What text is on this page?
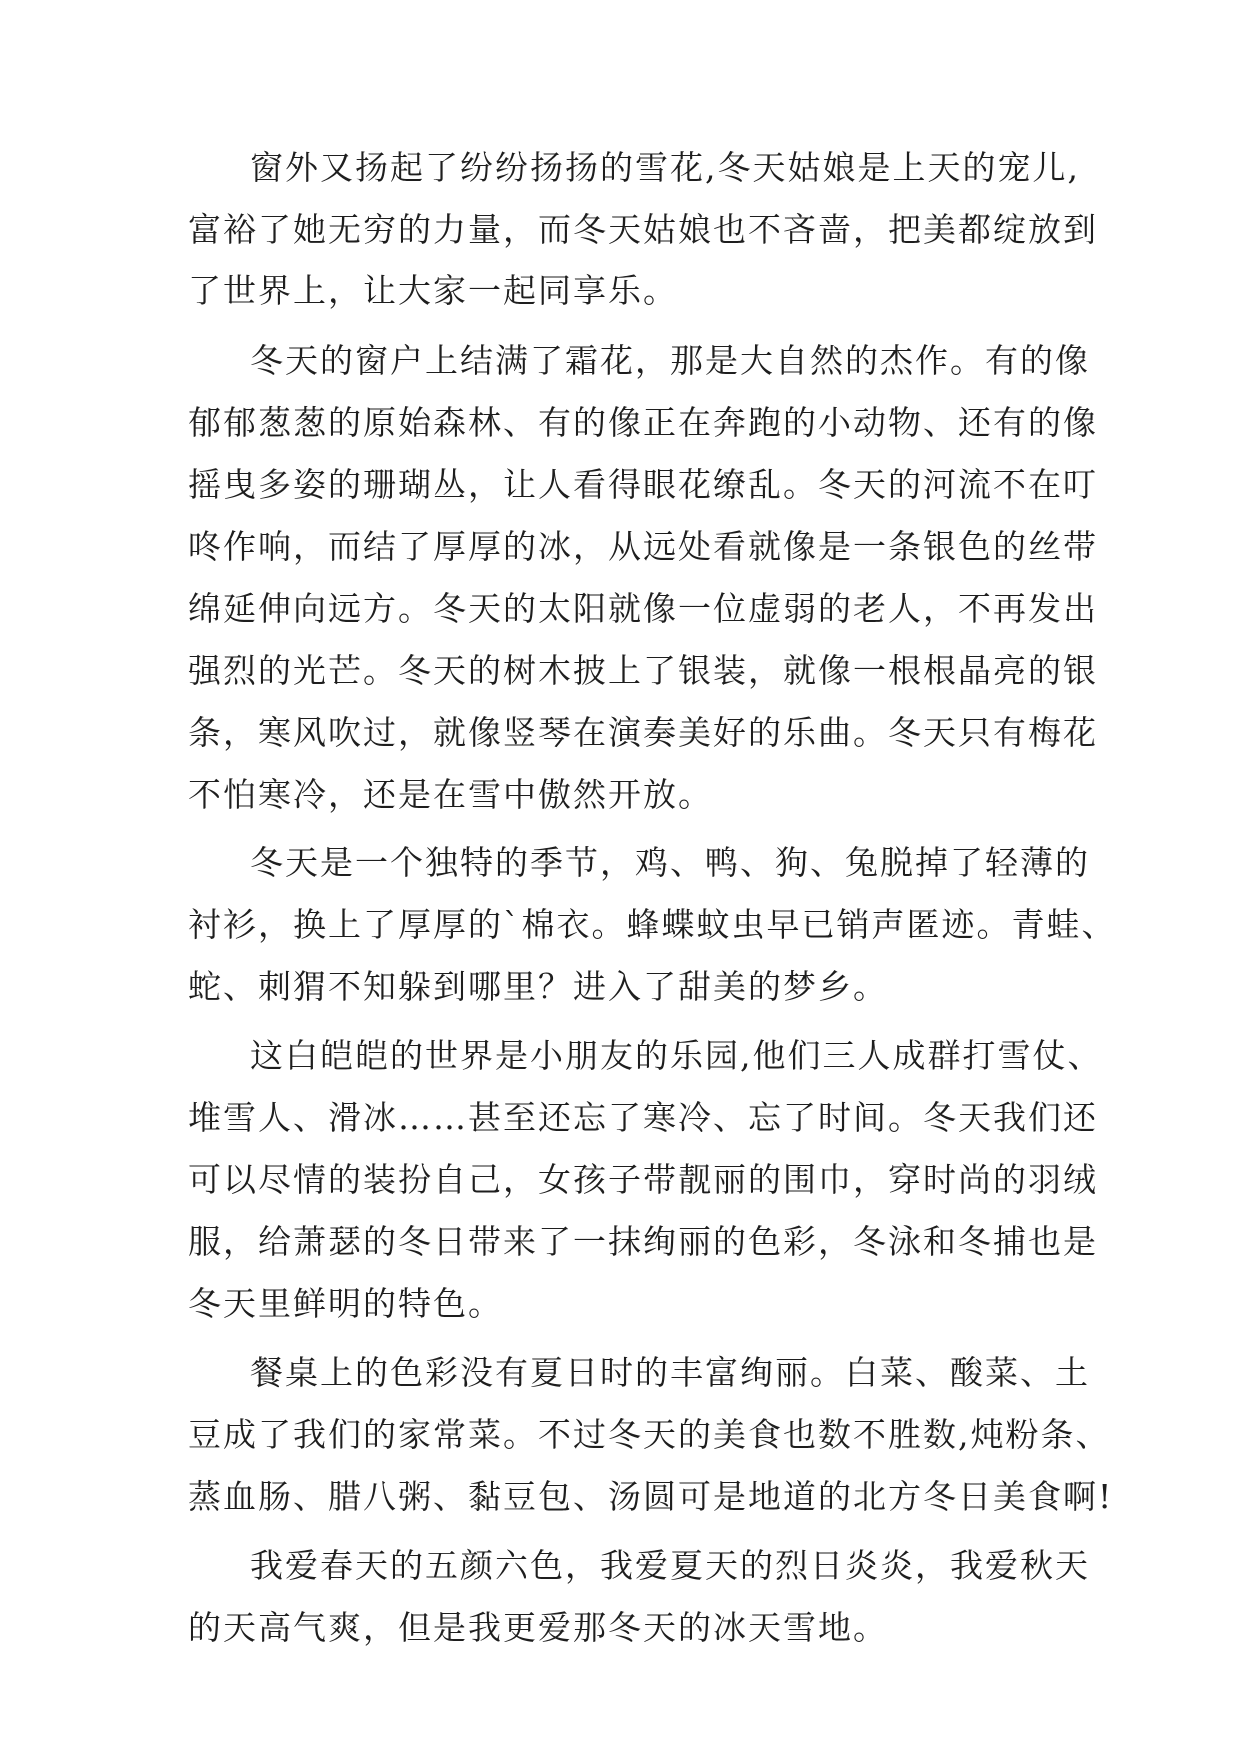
窗外又扬起了纷纷扬扬的雪花,冬天姑娘是上天的宠儿,

富裕了她无穷的力量，而冬天姑娘也不吝啬，把美都绽放到

了世界上，让大家一起同享乐。

冬天的窗户上结满了霜花，那是大自然的杰作。有的像

郁郁葱葱的原始森林、有的像正在奔跑的小动物、还有的像

摇曳多姿的珊瑚丛，让人看得眼花缭乱。冬天的河流不在叮

咚作响，而结了厚厚的冰，从远处看就像是一条银色的丝带

绵延伸向远方。冬天的太阳就像一位虚弱的老人，不再发出

强烈的光芒。冬天的树木披上了银装，就像一根根晶亮的银

条，寒风吹过，就像竖琴在演奏美好的乐曲。冬天只有梅花

不怕寒冷，还是在雪中傲然开放。

冬天是一个独特的季节，鸡、鸭、狗、兔脱掉了轻薄的

衬衫，换上了厚厚的`棉衣。蜂蝶蚊虫早已销声匿迹。青蛙、

蛇、刺猬不知躲到哪里？进入了甜美的梦乡。

这白皑皑的世界是小朋友的乐园,他们三人成群打雪仗、

堆雪人、滑冰……甚至还忘了寒冷、忘了时间。冬天我们还

可以尽情的装扮自己，女孩子带靓丽的围巾，穿时尚的羽绒

服，给萧瑟的冬日带来了一抹绚丽的色彩，冬泳和冬捕也是

冬天里鲜明的特色。

餐桌上的色彩没有夏日时的丰富绚丽。白菜、酸菜、土

豆成了我们的家常菜。不过冬天的美食也数不胜数,炖粉条、

蒸血肠、腊八粥、黏豆包、汤圆可是地道的北方冬日美食啊!

我爱春天的五颜六色，我爱夏天的烈日炎炎，我爱秋天

的天高气爽，但是我更爱那冬天的冰天雪地。
